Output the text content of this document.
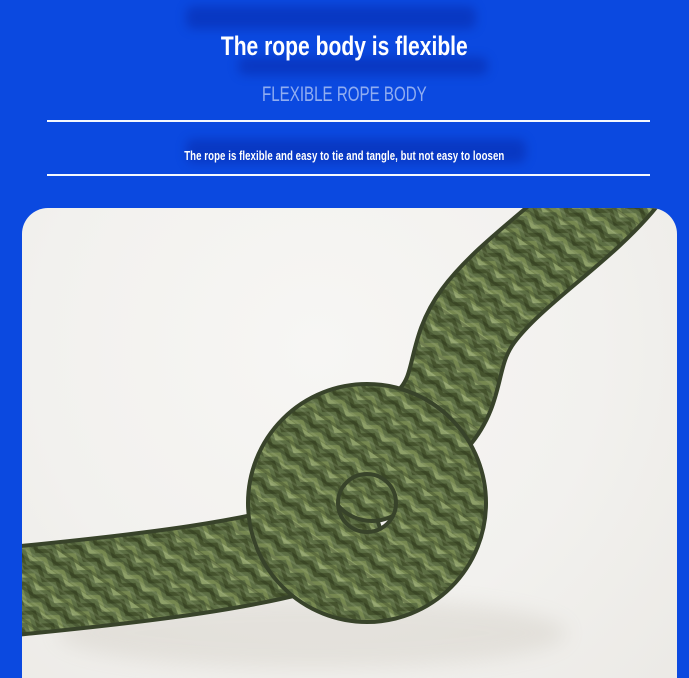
The rope body is flexible
FLEXIBLE ROPE BODY
The rope is flexible and easy to tie and tangle, but not easy to loosen
